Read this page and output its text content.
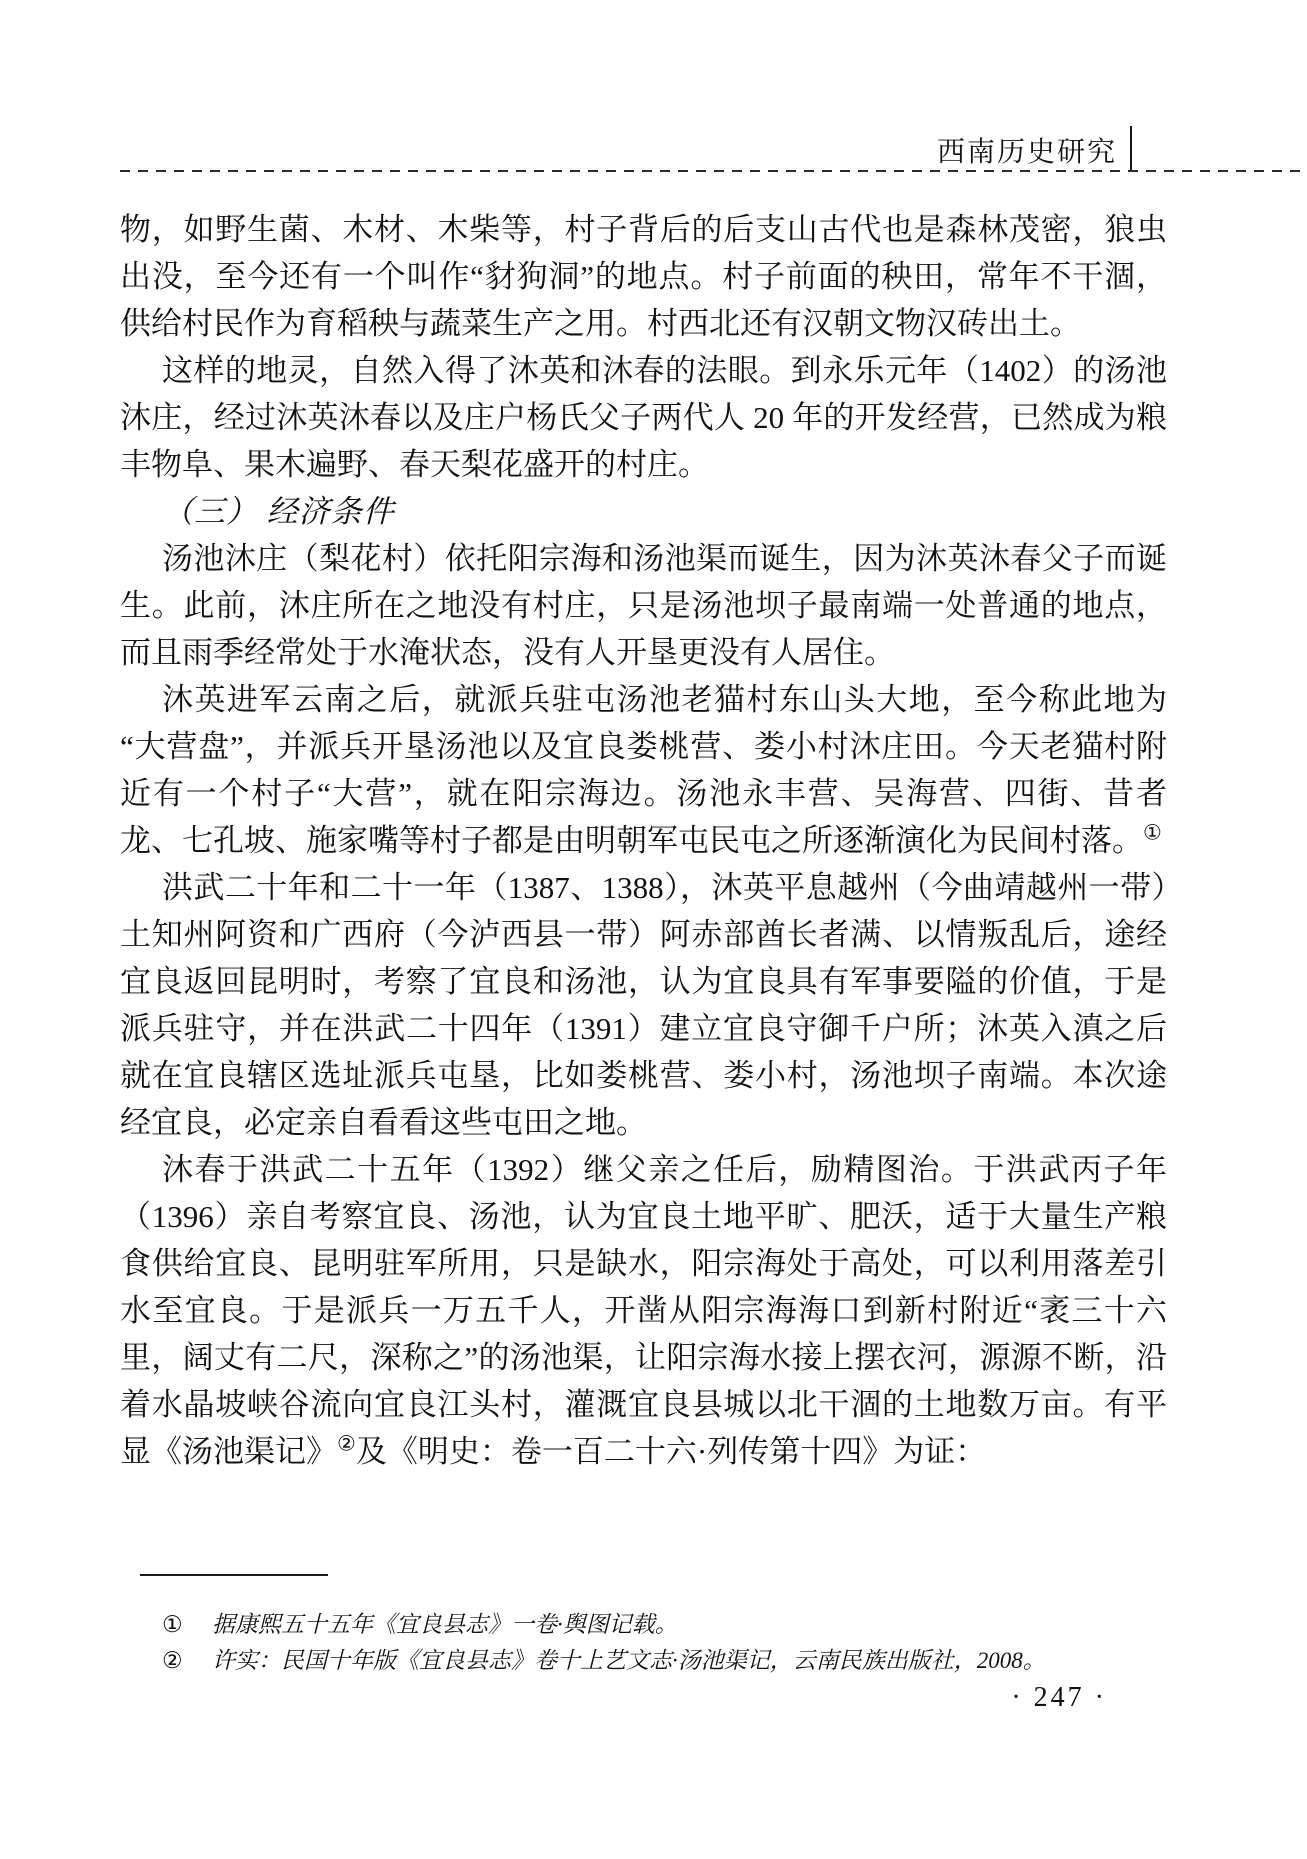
西南历史研究

物，如野生菌、木材、木柴等，村子背后的后支山古代也是森林茂密，狼虫出没，至今还有一个叫作“豺狗洞”的地点。村子前面的秧田，常年不干涸，供给村民作为育稻秧与蔬菜生产之用。村西北还有汉朝文物汉砖出土。

这样的地灵，自然入得了沐英和沐春的法眼。到永乐元年（1402）的汤池沐庄，经过沐英沐春以及庄户杨氏父子两代人 20 年的开发经营，已然成为粮丰物阜、果木遍野、春天梨花盛开的村庄。

（三） 经济条件

汤池沐庄（梨花村）依托阳宗海和汤池渠而诞生，因为沐英沐春父子而诞生。此前，沐庄所在之地没有村庄，只是汤池坝子最南端一处普通的地点，而且雨季经常处于水淹状态，没有人开垦更没有人居住。

沐英进军云南之后，就派兵驻屯汤池老猫村东山头大地，至今称此地为“大营盘”，并派兵开垦汤池以及宜良娄桃营、娄小村沐庄田。今天老猫村附近有一个村子“大营”，就在阳宗海边。汤池永丰营、吴海营、四街、昔者龙、七孔坡、施家嘴等村子都是由明朝军屯民屯之所逐渐演化为民间村落。①

洪武二十年和二十一年（1387、1388），沐英平息越州（今曲靖越州一带）土知州阿资和广西府（今泸西县一带）阿赤部酋长者满、以情叛乱后，途经宜良返回昆明时，考察了宜良和汤池，认为宜良具有军事要隘的价值，于是派兵驻守，并在洪武二十四年（1391）建立宜良守御千户所；沐英入滇之后就在宜良辖区选址派兵屯垦，比如娄桃营、娄小村，汤池坝子南端。本次途经宜良，必定亲自看看这些屯田之地。

沐春于洪武二十五年（1392）继父亲之任后，励精图治。于洪武丙子年（1396）亲自考察宜良、汤池，认为宜良土地平旷、肥沃，适于大量生产粮食供给宜良、昆明驻军所用，只是缺水，阳宗海处于高处，可以利用落差引水至宜良。于是派兵一万五千人，开凿从阳宗海海口到新村附近“袤三十六里，阔丈有二尺，深称之”的汤池渠，让阳宗海水接上摆衣河，源源不断，沿着水晶坡峡谷流向宜良江头村，灌溉宜良县城以北干涸的土地数万亩。有平显《汤池渠记》②及《明史：卷一百二十六·列传第十四》为证：

①	据康熙五十五年《宜良县志》一卷·舆图记载。
②	许实：民国十年版《宜良县志》卷十上艺文志·汤池渠记，云南民族出版社，2008。
· 247 ·
